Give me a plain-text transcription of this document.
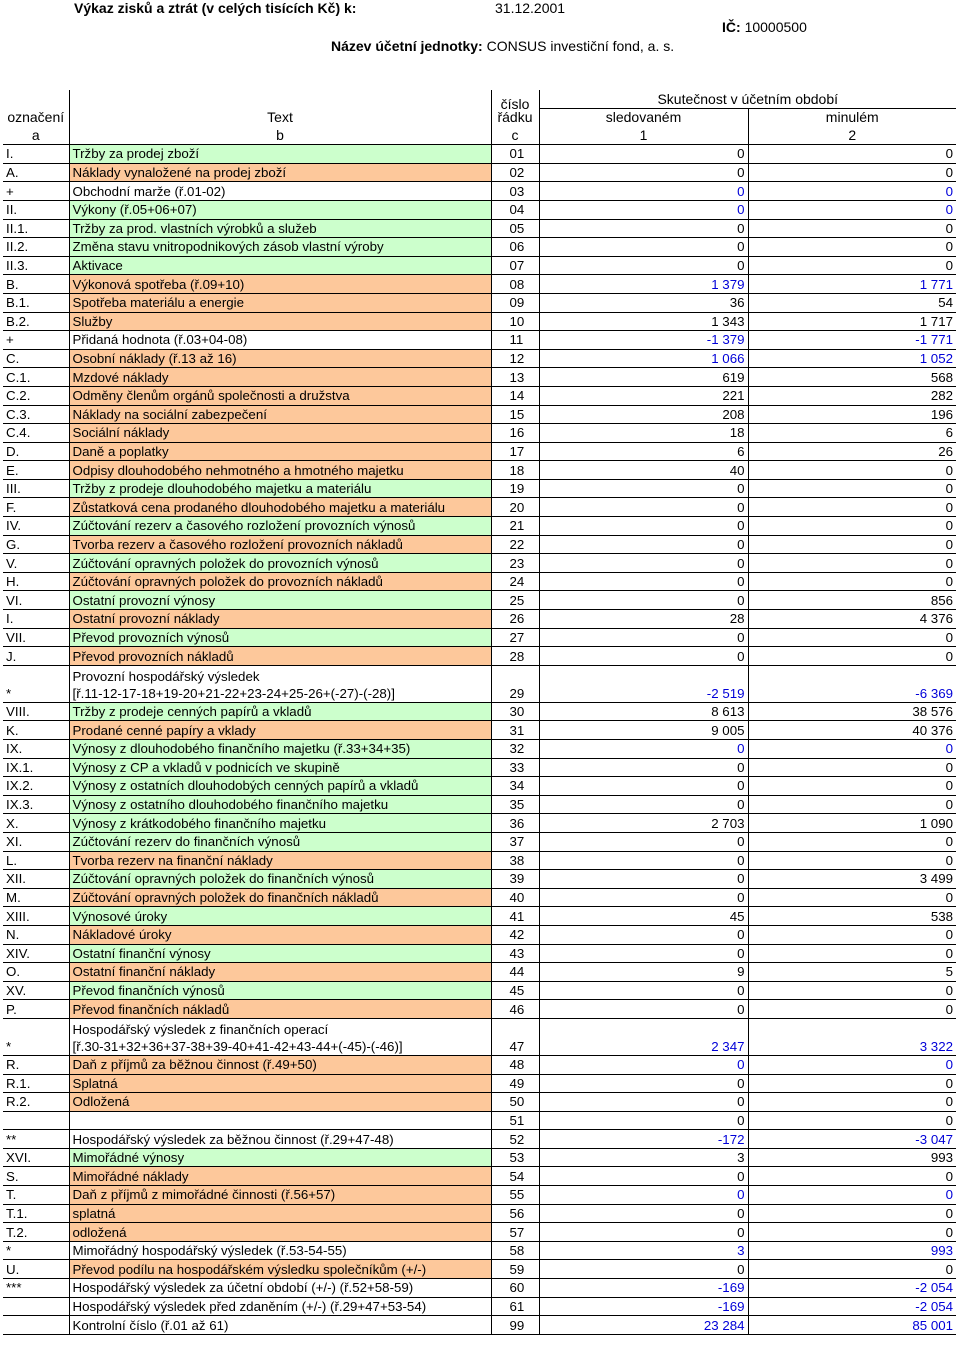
Výkaz zisků a ztrát (v celých tisících Kč) k:	31.12.2001
IČ: 10000500
Název účetní jednotky: CONSUS investiční fond, a. s.
		číslo	Skutečnost v účetním období	
označení	Text	řádku	sledovaném	minulém
a	b	c	1	2
I.	Tržby za prodej zboží	01	0	0
A.	Náklady vynaložené na prodej zboží	02	0	0
+	Obchodní marže (ř.01-02)	03	0	0
II.	Výkony (ř.05+06+07)	04	0	0
II.1.	Tržby za prod. vlastních výrobků a služeb	05	0	0
II.2.	Změna stavu vnitropodnikových zásob vlastní výroby	06	0	0
II.3.	Aktivace	07	0	0
B.	Výkonová spotřeba (ř.09+10)	08	1 379	1 771
B.1.	Spotřeba materiálu a energie	09	36	54
B.2.	Služby	10	1 343	1 717
+	Přidaná hodnota (ř.03+04-08)	11	-1 379	-1 771
C.	Osobní náklady (ř.13 až 16)	12	1 066	1 052
C.1.	Mzdové náklady	13	619	568
C.2.	Odměny členům orgánů společnosti a družstva	14	221	282
C.3.	Náklady na sociální zabezpečení	15	208	196
C.4.	Sociální náklady	16	18	6
D.	Daně a poplatky	17	6	26
E.	Odpisy dlouhodobého nehmotného a hmotného majetku	18	40	0
III.	Tržby z prodeje dlouhodobého majetku a materiálu	19	0	0
F.	Zůstatková cena prodaného dlouhodobého majetku a materiálu	20	0	0
IV.	Zúčtování rezerv a časového rozložení provozních výnosů	21	0	0
G.	Tvorba rezerv a časového rozložení provozních nákladů	22	0	0
V.	Zúčtování opravných položek do provozních výnosů	23	0	0
H.	Zúčtování opravných položek do provozních nákladů	24	0	0
VI.	Ostatní provozní výnosy	25	0	856
I.	Ostatní provozní náklady	26	28	4 376
VII.	Převod provozních výnosů	27	0	0
J.	Převod provozních nákladů	28	0	0
*	Provozní hospodářský výsledek
[ř.11-12-17-18+19-20+21-22+23-24+25-26+(-27)-(-28)]	29	-2 519	-6 369
VIII.	Tržby z prodeje cenných papírů a vkladů	30	8 613	38 576
K.	Prodané cenné papíry a vklady	31	9 005	40 376
IX.	Výnosy z dlouhodobého finančního majetku (ř.33+34+35)	32	0	0
IX.1.	Výnosy z CP a vkladů v podnicích ve skupině	33	0	0
IX.2.	Výnosy z ostatních dlouhodobých cenných papírů a vkladů	34	0	0
IX.3.	Výnosy z ostatního dlouhodobého finančního majetku	35	0	0
X.	Výnosy z krátkodobého finančního majetku	36	2 703	1 090
XI.	Zúčtování rezerv do finančních výnosů	37	0	0
L.	Tvorba rezerv na finanční náklady	38	0	0
XII.	Zúčtování opravných položek do finančních výnosů	39	0	3 499
M.	Zúčtování opravných položek do finančních nákladů	40	0	0
XIII.	Výnosové úroky	41	45	538
N.	Nákladové úroky	42	0	0
XIV.	Ostatní finanční výnosy	43	0	0
O.	Ostatní finanční náklady	44	9	5
XV.	Převod finančních výnosů	45	0	0
P.	Převod finančních nákladů	46	0	0
*	Hospodářský výsledek z finančních operací
[ř.30-31+32+36+37-38+39-40+41-42+43-44+(-45)-(-46)]	47	2 347	3 322
R.	Daň z příjmů za běžnou činnost (ř.49+50)	48	0	0
R.1.	Splatná	49	0	0
R.2.	Odložená	50	0	0
		51	0	0
**	Hospodářský výsledek za běžnou činnost (ř.29+47-48)	52	-172	-3 047
XVI.	Mimořádné výnosy	53	3	993
S.	Mimořádné náklady	54	0	0
T.	Daň z příjmů z mimořádné činnosti (ř.56+57)	55	0	0
T.1.	splatná	56	0	0
T.2.	odložená	57	0	0
*	Mimořádný hospodářský výsledek (ř.53-54-55)	58	3	993
U.	Převod podílu na hospodářském výsledku společníkům (+/-)	59	0	0
***	Hospodářský výsledek za účetní období (+/-) (ř.52+58-59)	60	-169	-2 054
	Hospodářský výsledek před zdaněním (+/-) (ř.29+47+53-54)	61	-169	-2 054
	Kontrolní číslo (ř.01 až 61)	99	23 284	85 001
